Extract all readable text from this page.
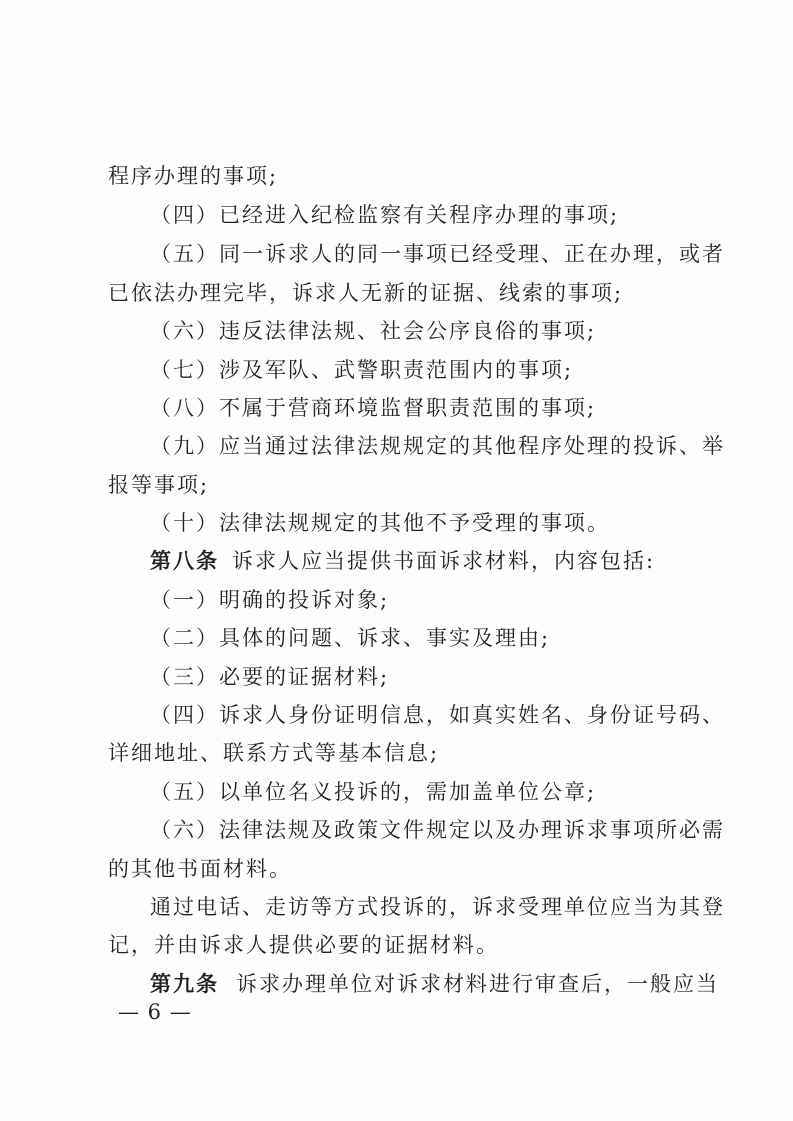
程序办理的事项;
（四）已经进入纪检监察有关程序办理的事项;
（五）同一诉求人的同一事项已经受理、正在办理，或者
已依法办理完毕，诉求人无新的证据、线索的事项;
（六）违反法律法规、社会公序良俗的事项;
（七）涉及军队、武警职责范围内的事项;
（八）不属于营商环境监督职责范围的事项;
（九）应当通过法律法规规定的其他程序处理的投诉、举
报等事项;
（十）法律法规规定的其他不予受理的事项。
第八条 诉求人应当提供书面诉求材料，内容包括:
（一）明确的投诉对象;
（二）具体的问题、诉求、事实及理由;
（三）必要的证据材料;
（四）诉求人身份证明信息，如真实姓名、身份证号码、
详细地址、联系方式等基本信息;
（五）以单位名义投诉的，需加盖单位公章;
（六）法律法规及政策文件规定以及办理诉求事项所必需
的其他书面材料。
通过电话、走访等方式投诉的，诉求受理单位应当为其登
记，并由诉求人提供必要的证据材料。
第九条 诉求办理单位对诉求材料进行审查后，一般应当
— 6 —
